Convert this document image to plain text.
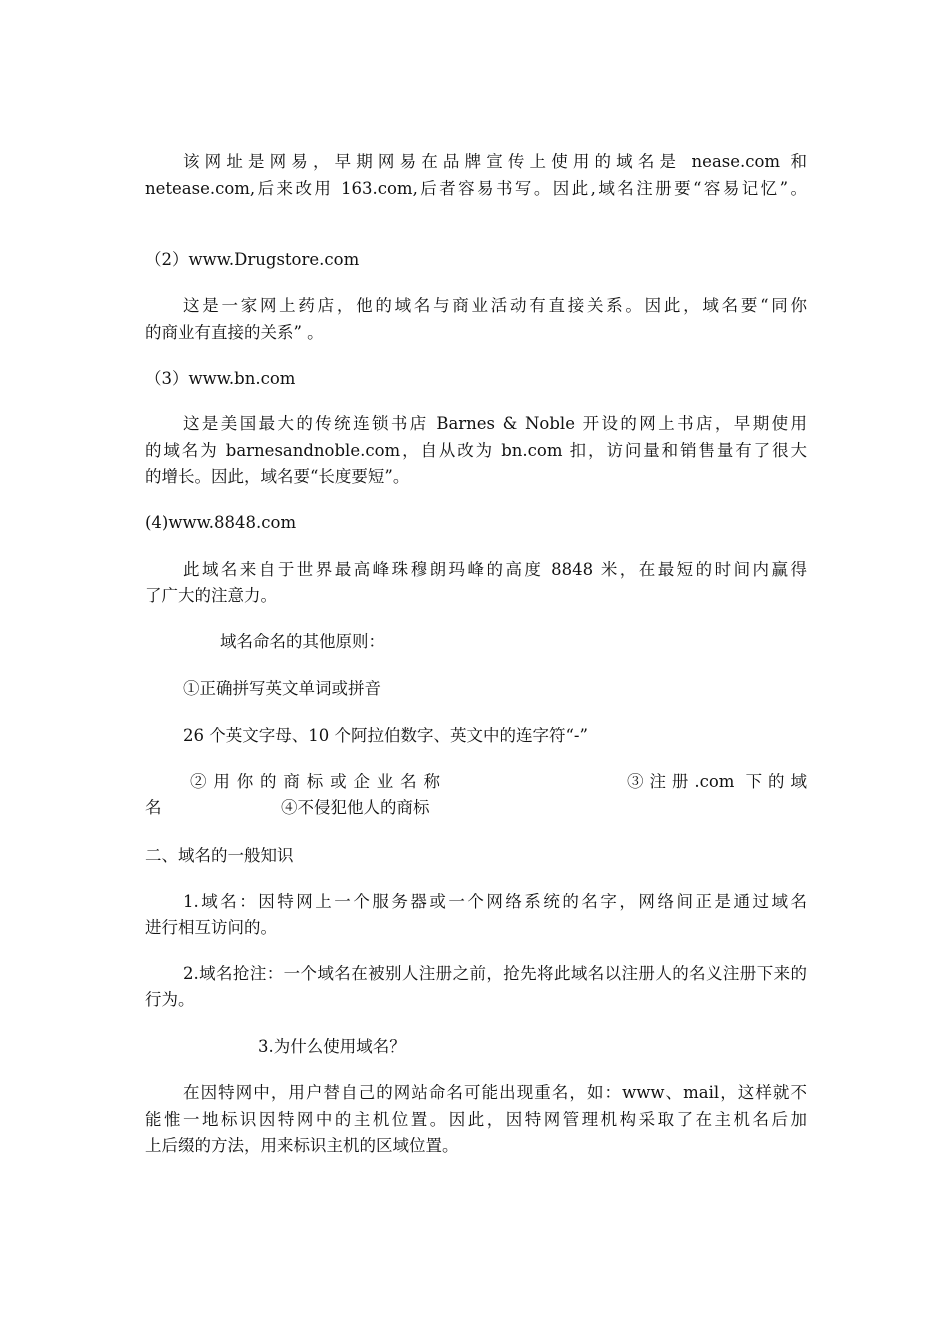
该网址是网易，早期网易在品牌宣传上使用的域名是 nease.com 和
netease.com,后来改用 163.com,后者容易书写。因此,域名注册要“容易记忆”。
（2）www.Drugstore.com
这是一家网上药店，他的域名与商业活动有直接关系。因此，域名要“同你
的商业有直接的关系” 。
（3）www.bn.com
这是美国最大的传统连锁书店 Barnes & Noble 开设的网上书店，早期使用
的域名为 barnesandnoble.com，自从改为 bn.com 扣，访问量和销售量有了很大
的增长。因此，域名要“长度要短”。
(4)www.8848.com
此域名来自于世界最高峰珠穆朗玛峰的高度 8848 米，在最短的时间内赢得
了广大的注意力。
域名命名的其他原则：
①正确拼写英文单词或拼音
26 个英文字母、10 个阿拉伯数字、英文中的连字符“-”
②用你的商标或企业名称	③注册.com 下的域
名	④不侵犯他人的商标
二、域名的一般知识
1.域名：因特网上一个服务器或一个网络系统的名字，网络间正是通过域名
进行相互访问的。
2.域名抢注：一个域名在被别人注册之前，抢先将此域名以注册人的名义注册下来的
行为。
3.为什么使用域名？
在因特网中，用户替自己的网站命名可能出现重名，如：www、mail，这样就不
能惟一地标识因特网中的主机位置。因此，因特网管理机构采取了在主机名后加
上后缀的方法，用来标识主机的区域位置。
